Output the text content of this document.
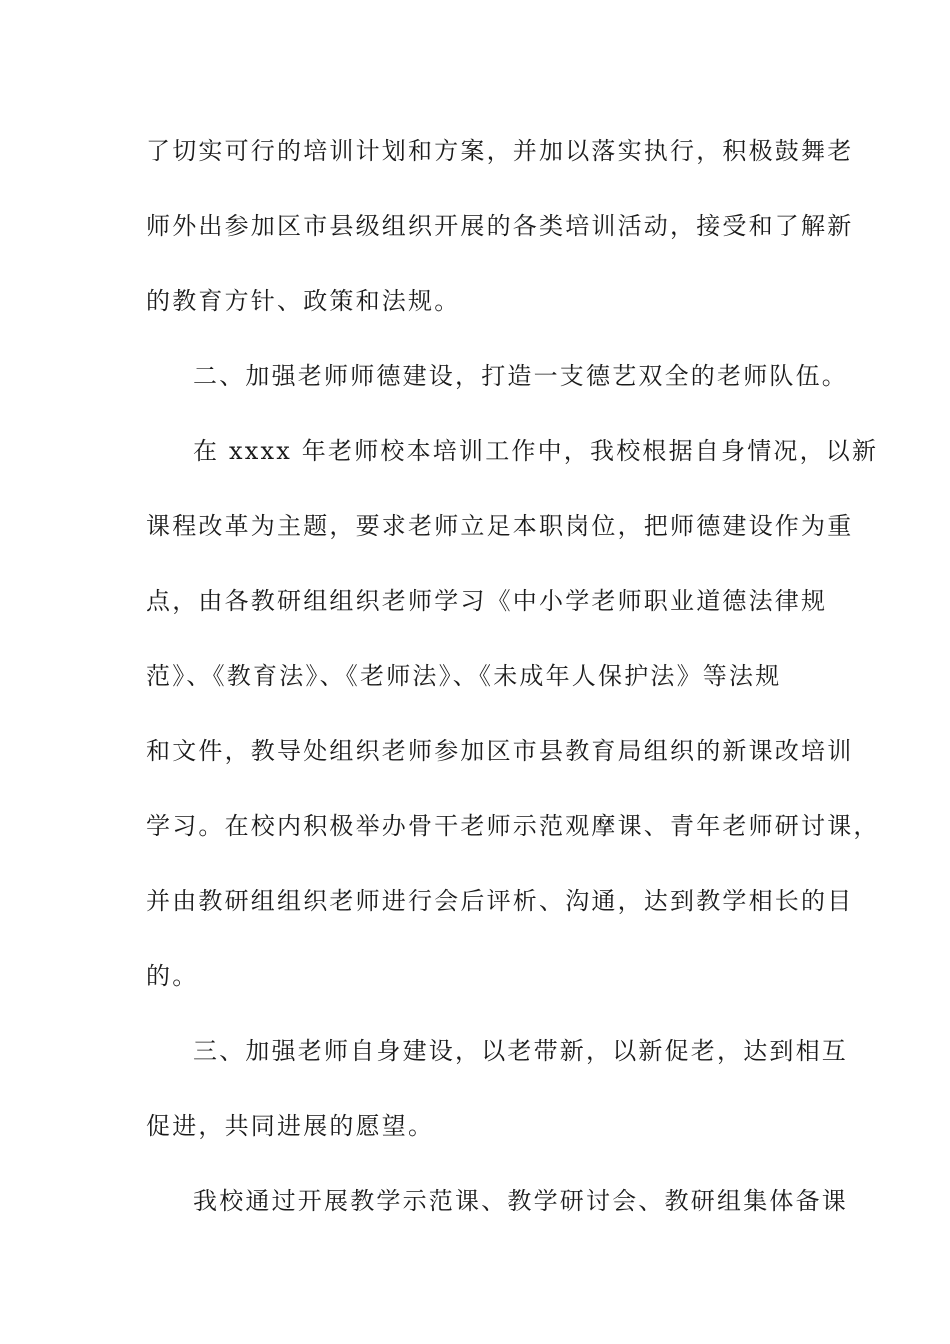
了切实可行的培训计划和方案，并加以落实执行，积极鼓舞老
师外出参加区市县级组织开展的各类培训活动，接受和了解新
的教育方针、政策和法规。
二、加强老师师德建设，打造一支德艺双全的老师队伍。
在 xxxx 年老师校本培训工作中，我校根据自身情况，以新
课程改革为主题，要求老师立足本职岗位，把师德建设作为重
点，由各教研组组织老师学习《中小学老师职业道德法律规
范》、《教育法》、《老师法》、《未成年人保护法》等法规
和文件，教导处组织老师参加区市县教育局组织的新课改培训
学习。在校内积极举办骨干老师示范观摩课、青年老师研讨课，
并由教研组组织老师进行会后评析、沟通，达到教学相长的目
的。
三、加强老师自身建设，以老带新，以新促老，达到相互
促进，共同进展的愿望。
我校通过开展教学示范课、教学研讨会、教研组集体备课
